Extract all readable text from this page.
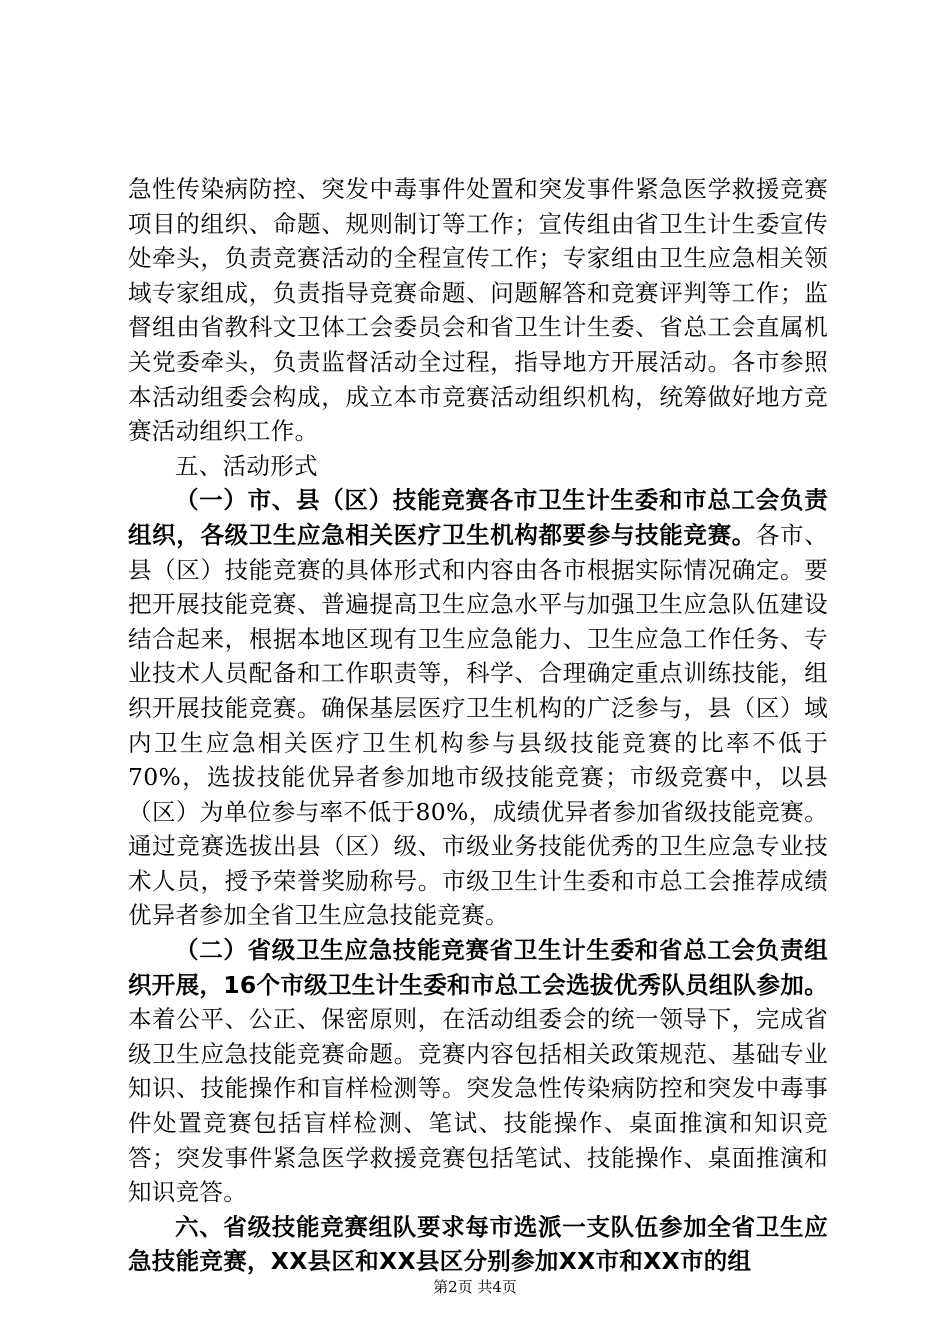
急性传染病防控、突发中毒事件处置和突发事件紧急医学救援竞赛项目的组织、命题、规则制订等工作；宣传组由省卫生计生委宣传处牵头，负责竞赛活动的全程宣传工作；专家组由卫生应急相关领域专家组成，负责指导竞赛命题、问题解答和竞赛评判等工作；监督组由省教科文卫体工会委员会和省卫生计生委、省总工会直属机关党委牵头，负责监督活动全过程，指导地方开展活动。各市参照本活动组委会构成，成立本市竞赛活动组织机构，统筹做好地方竞赛活动组织工作。

五、活动形式

（一）市、县（区）技能竞赛各市卫生计生委和市总工会负责组织，各级卫生应急相关医疗卫生机构都要参与技能竞赛。各市、县（区）技能竞赛的具体形式和内容由各市根据实际情况确定。要把开展技能竞赛、普遍提高卫生应急水平与加强卫生应急队伍建设结合起来，根据本地区现有卫生应急能力、卫生应急工作任务、专业技术人员配备和工作职责等，科学、合理确定重点训练技能，组织开展技能竞赛。确保基层医疗卫生机构的广泛参与，县（区）域内卫生应急相关医疗卫生机构参与县级技能竞赛的比率不低于70%，选拔技能优异者参加地市级技能竞赛；市级竞赛中，以县（区）为单位参与率不低于80%，成绩优异者参加省级技能竞赛。通过竞赛选拔出县（区）级、市级业务技能优秀的卫生应急专业技术人员，授予荣誉奖励称号。市级卫生计生委和市总工会推荐成绩优异者参加全省卫生应急技能竞赛。

（二）省级卫生应急技能竞赛省卫生计生委和省总工会负责组织开展，16个市级卫生计生委和市总工会选拔优秀队员组队参加。本着公平、公正、保密原则，在活动组委会的统一领导下，完成省级卫生应急技能竞赛命题。竞赛内容包括相关政策规范、基础专业知识、技能操作和盲样检测等。突发急性传染病防控和突发中毒事件处置竞赛包括盲样检测、笔试、技能操作、桌面推演和知识竞答；突发事件紧急医学救援竞赛包括笔试、技能操作、桌面推演和知识竞答。

六、省级技能竞赛组队要求每市选派一支队伍参加全省卫生应急技能竞赛，XX县区和XX县区分别参加XX市和XX市的组

第2页 共4页
